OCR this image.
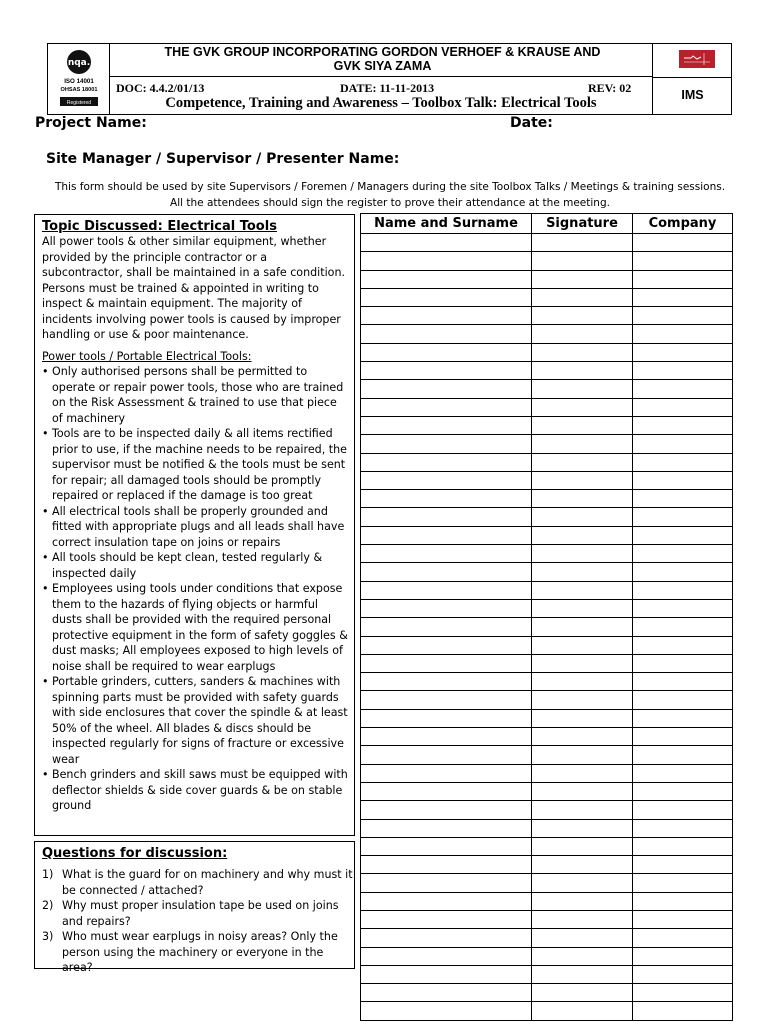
nqa.
ISO 14001
OHSAS 18001
Registered
THE GVK GROUP INCORPORATING GORDON VERHOEF & KRAUSE AND
GVK SIYA ZAMA
DOC: 4.4.2/01/13	DATE: 11-11-2013	REV: 02
Competence, Training and Awareness – Toolbox Talk: Electrical Tools	IMS
Project Name:	Date:
Site Manager / Supervisor / Presenter Name:
This form should be used by site Supervisors / Foremen / Managers during the site Toolbox Talks / Meetings & training sessions.
All the attendees should sign the register to prove their attendance at the meeting.
Topic Discussed: Electrical Tools
All power tools & other similar equipment, whether provided by the principle contractor or a subcontractor, shall be maintained in a safe condition. Persons must be trained & appointed in writing to inspect & maintain equipment. The majority of incidents involving power tools is caused by improper handling or use & poor maintenance.
Power tools / Portable Electrical Tools:
• Only authorised persons shall be permitted to operate or repair power tools, those who are trained on the Risk Assessment & trained to use that piece of machinery
• Tools are to be inspected daily & all items rectified prior to use, if the machine needs to be repaired, the supervisor must be notified & the tools must be sent for repair; all damaged tools should be promptly repaired or replaced if the damage is too great
• All electrical tools shall be properly grounded and fitted with appropriate plugs and all leads shall have correct insulation tape on joins or repairs
• All tools should be kept clean, tested regularly & inspected daily
• Employees using tools under conditions that expose them to the hazards of flying objects or harmful dusts shall be provided with the required personal protective equipment in the form of safety goggles & dust masks; All employees exposed to high levels of noise shall be required to wear earplugs
• Portable grinders, cutters, sanders & machines with spinning parts must be provided with safety guards with side enclosures that cover the spindle & at least 50% of the wheel. All blades & discs should be inspected regularly for signs of fracture or excessive wear
• Bench grinders and skill saws must be equipped with deflector shields & side cover guards & be on stable ground
Questions for discussion:
1) What is the guard for on machinery and why must it be connected / attached?
2) Why must proper insulation tape be used on joins and repairs?
3) Who must wear earplugs in noisy areas? Only the person using the machinery or everyone in the area?
Name and Surname	Signature	Company
